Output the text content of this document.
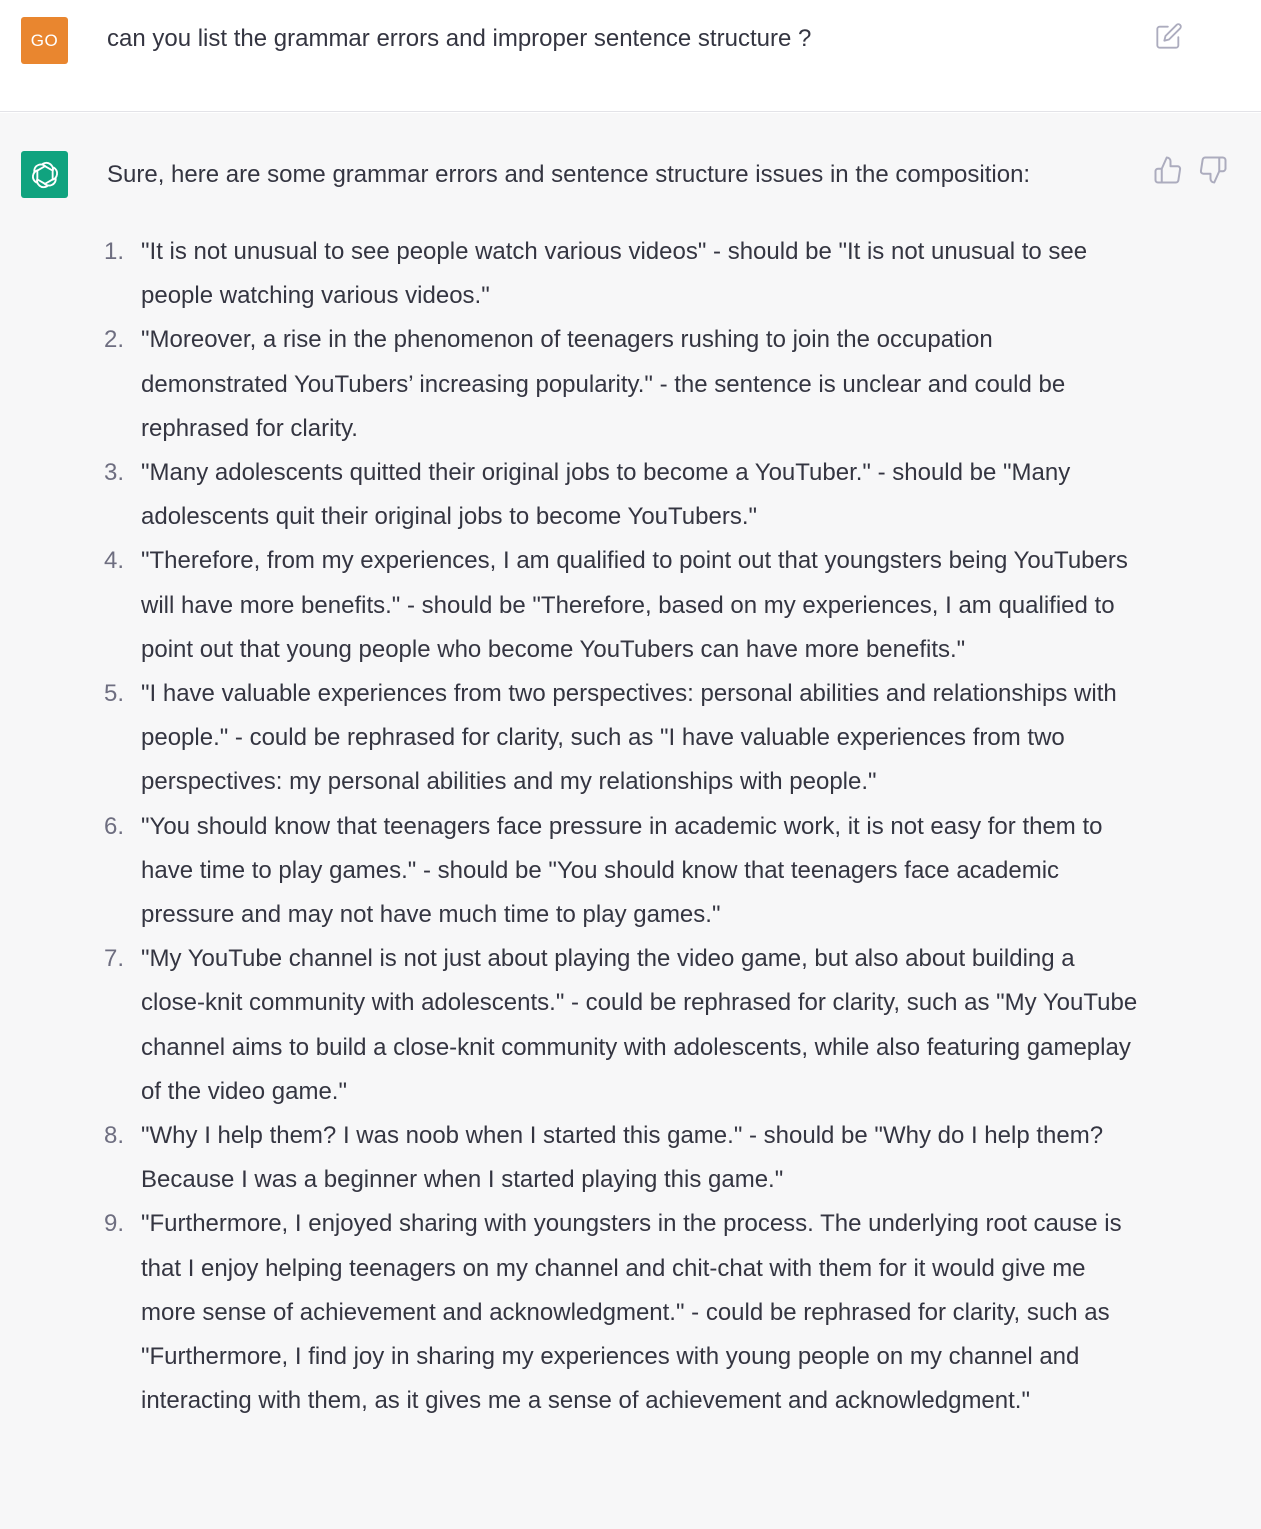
GO can you list the grammar errors and improper sentence structure ?
Sure, here are some grammar errors and sentence structure issues in the composition:
1. "It is not unusual to see people watch various videos" - should be "It is not unusual to see people watching various videos."
2. "Moreover, a rise in the phenomenon of teenagers rushing to join the occupation demonstrated YouTubers’ increasing popularity." - the sentence is unclear and could be rephrased for clarity.
3. "Many adolescents quitted their original jobs to become a YouTuber." - should be "Many adolescents quit their original jobs to become YouTubers."
4. "Therefore, from my experiences, I am qualified to point out that youngsters being YouTubers will have more benefits." - should be "Therefore, based on my experiences, I am qualified to point out that young people who become YouTubers can have more benefits."
5. "I have valuable experiences from two perspectives: personal abilities and relationships with people." - could be rephrased for clarity, such as "I have valuable experiences from two perspectives: my personal abilities and my relationships with people."
6. "You should know that teenagers face pressure in academic work, it is not easy for them to have time to play games." - should be "You should know that teenagers face academic pressure and may not have much time to play games."
7. "My YouTube channel is not just about playing the video game, but also about building a close-knit community with adolescents." - could be rephrased for clarity, such as "My YouTube channel aims to build a close-knit community with adolescents, while also featuring gameplay of the video game."
8. "Why I help them? I was noob when I started this game." - should be "Why do I help them? Because I was a beginner when I started playing this game."
9. "Furthermore, I enjoyed sharing with youngsters in the process. The underlying root cause is that I enjoy helping teenagers on my channel and chit-chat with them for it would give me more sense of achievement and acknowledgment." - could be rephrased for clarity, such as "Furthermore, I find joy in sharing my experiences with young people on my channel and interacting with them, as it gives me a sense of achievement and acknowledgment."
